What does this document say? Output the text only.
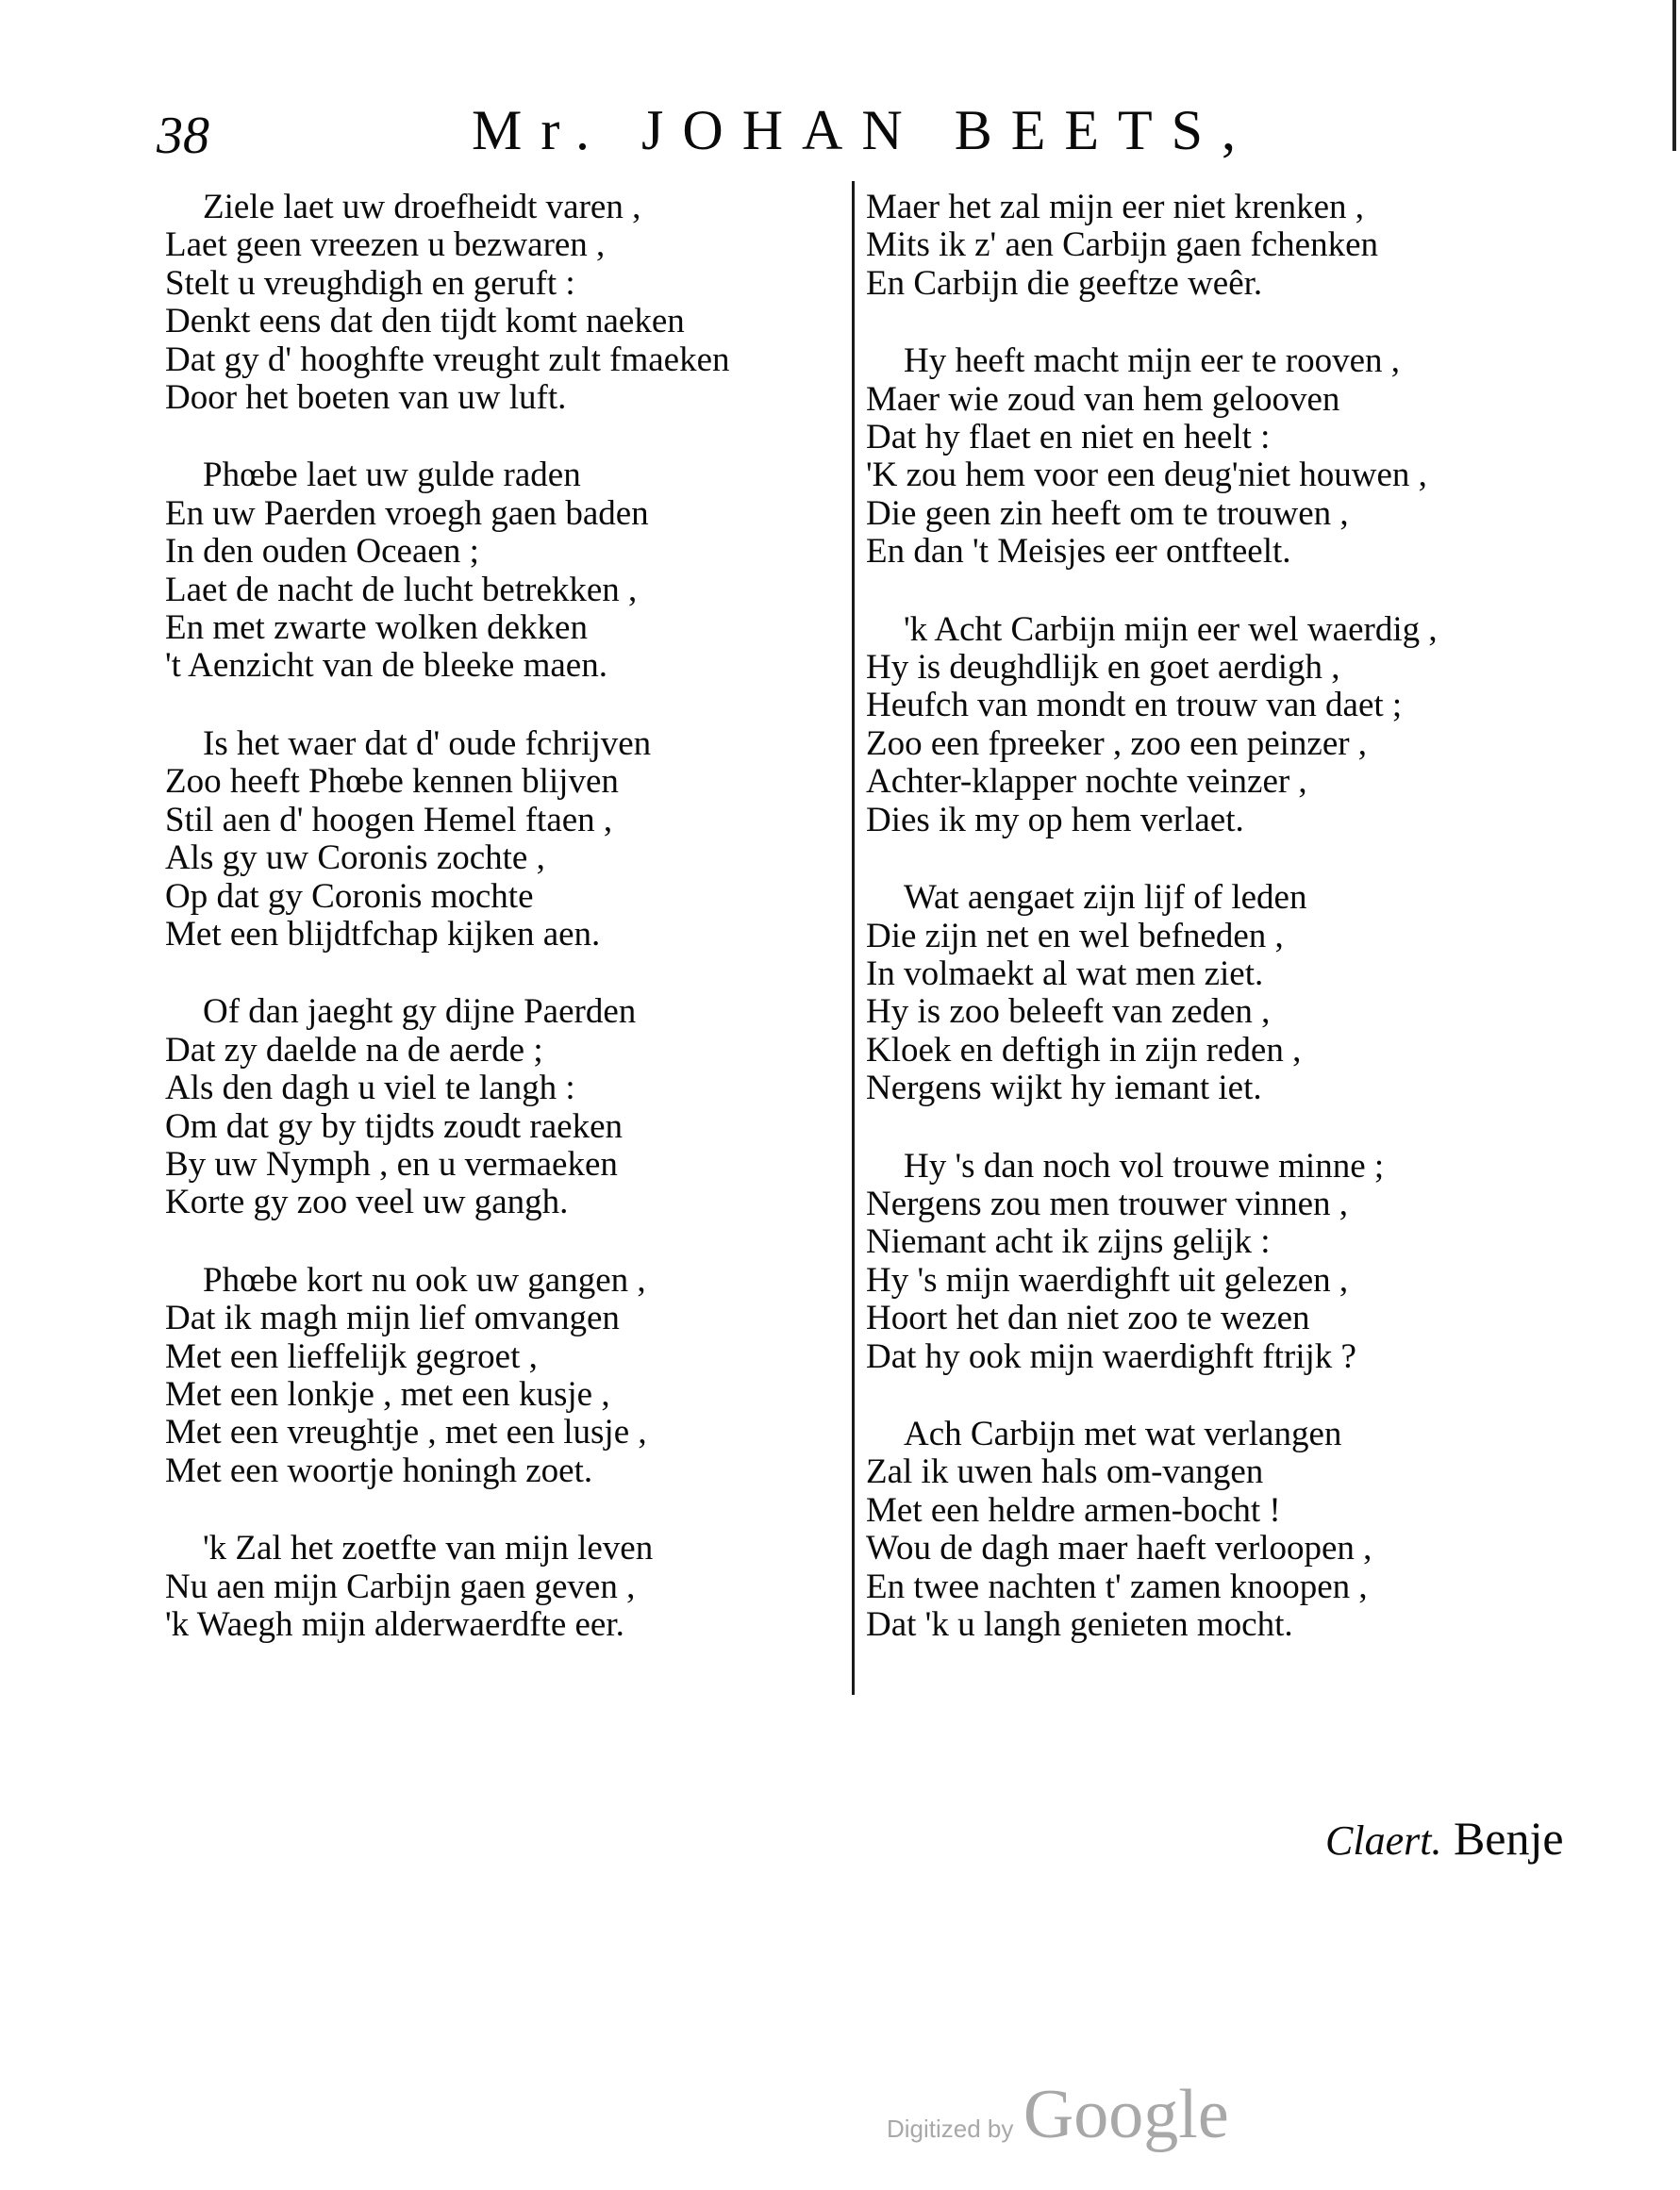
38	Mr. JOHAN BEETS,
Ziele laet uw droefheidt varen ,
Laet geen vreezen u bezwaren ,
Stelt u vreughdigh en geruft :
Denkt eens dat den tijdt komt naeken
Dat gy d' hooghfte vreught zult fmaeken
Door het boeten van uw luft.
Phœbe laet uw gulde raden
En uw Paerden vroegh gaen baden
In den ouden Oceaen ;
Laet de nacht de lucht betrekken ,
En met zwarte wolken dekken
't Aenzicht van de bleeke maen.
Is het waer dat d' oude fchrijven
Zoo heeft Phœbe kennen blijven
Stil aen d' hoogen Hemel ftaen ,
Als gy uw Coronis zochte ,
Op dat gy Coronis mochte
Met een blijdtfchap kijken aen.
Of dan jaeght gy dijne Paerden
Dat zy daelde na de aerde ;
Als den dagh u viel te langh :
Om dat gy by tijdts zoudt raeken
By uw Nymph , en u vermaeken
Korte gy zoo veel uw gangh.
Phœbe kort nu ook uw gangen ,
Dat ik magh mijn lief omvangen
Met een lieffelijk gegroet ,
Met een lonkje , met een kusje ,
Met een vreughtje , met een lusje ,
Met een woortje honingh zoet.
'k Zal het zoetfte van mijn leven
Nu aen mijn Carbijn gaen geven ,
'k Waegh mijn alderwaerdfte eer.
Maer het zal mijn eer niet krenken ,
Mits ik z' aen Carbijn gaen fchenken
En Carbijn die geeftze weêr.
Hy heeft macht mijn eer te rooven ,
Maer wie zoud van hem gelooven
Dat hy flaet en niet en heelt :
'K zou hem voor een deug'niet houwen ,
Die geen zin heeft om te trouwen ,
En dan 't Meisjes eer ontfteelt.
'k Acht Carbijn mijn eer wel waerdig ,
Hy is deughdlijk en goet aerdigh ,
Heufch van mondt en trouw van daet ;
Zoo een fpreeker , zoo een peinzer ,
Achter-klapper nochte veinzer ,
Dies ik my op hem verlaet.
Wat aengaet zijn lijf of leden
Die zijn net en wel befneden ,
In volmaekt al wat men ziet.
Hy is zoo beleeft van zeden ,
Kloek en deftigh in zijn reden ,
Nergens wijkt hy iemant iet.
Hy 's dan noch vol trouwe minne ;
Nergens zou men trouwer vinnen ,
Niemant acht ik zijns gelijk :
Hy 's mijn waerdighft uit gelezen ,
Hoort het dan niet zoo te wezen
Dat hy ook mijn waerdighft ftrijk ?
Ach Carbijn met wat verlangen
Zal ik uwen hals om-vangen
Met een heldre armen-bocht !
Wou de dagh maer haeft verloopen ,
En twee nachten t' zamen knoopen ,
Dat 'k u langh genieten mocht.
Claert. Benje
Digitized by Google
